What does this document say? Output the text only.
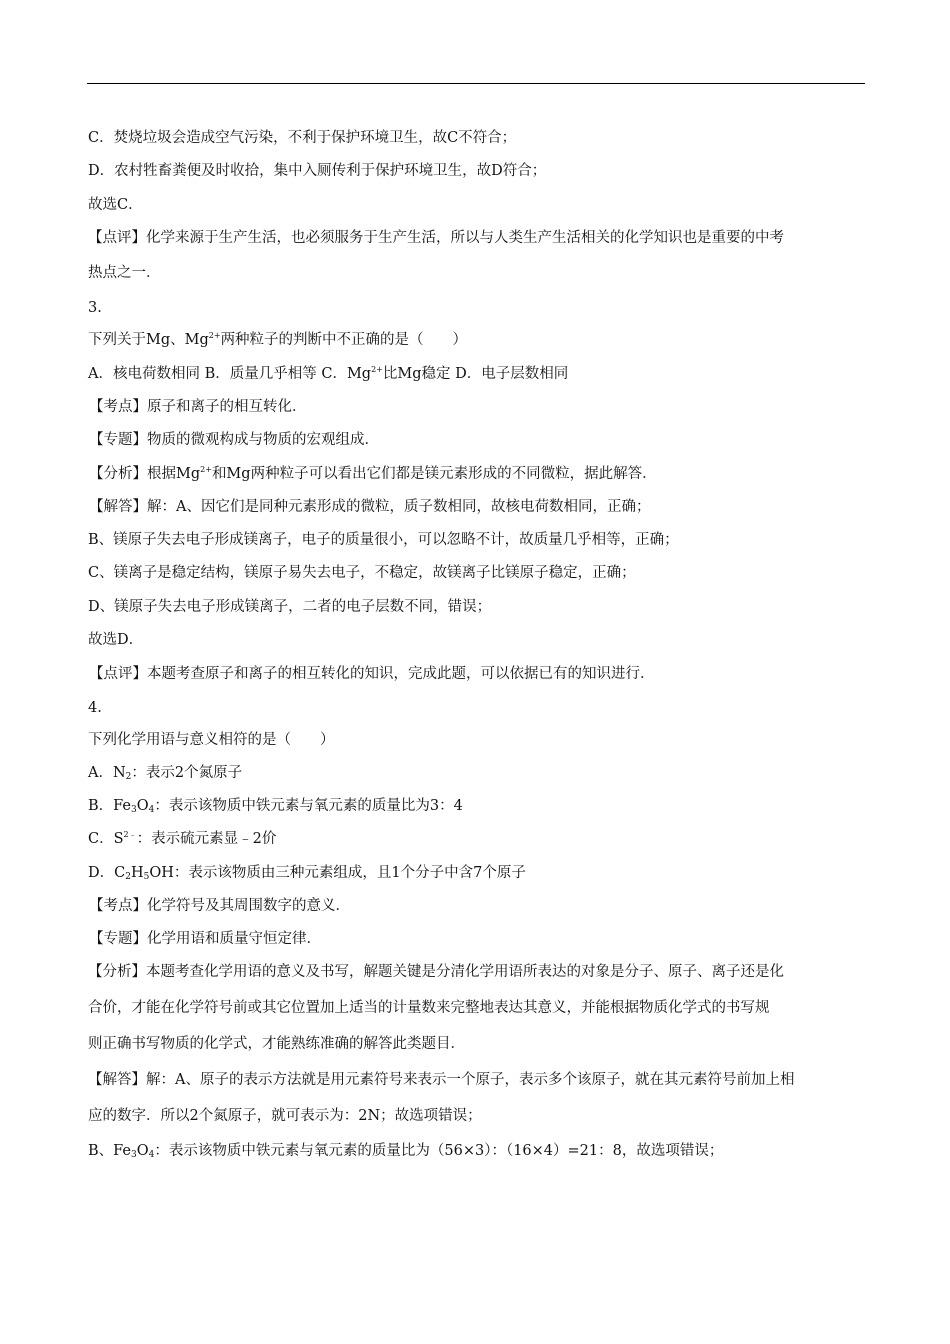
C．焚烧垃圾会造成空气污染，不利于保护环境卫生，故C不符合；
D．农村牲畜粪便及时收拾，集中入厕传利于保护环境卫生，故D符合；
故选C．
【点评】化学来源于生产生活，也必须服务于生产生活，所以与人类生产生活相关的化学知识也是重要的中考
热点之一．
3.
下列关于Mg、$Mg^{2+}$两种粒子的判断中不正确的是（　　）
A．核电荷数相同 B．质量几乎相等 C．$Mg^{2+}$比Mg稳定 D．电子层数相同
【考点】原子和离子的相互转化．
【专题】物质的微观构成与物质的宏观组成．
【分析】根据$Mg^{2+}$和Mg两种粒子可以看出它们都是镁元素形成的不同微粒，据此解答．
【解答】解：A、因它们是同种元素形成的微粒，质子数相同，故核电荷数相同，正确；
B、镁原子失去电子形成镁离子，电子的质量很小，可以忽略不计，故质量几乎相等，正确；
C、镁离子是稳定结构，镁原子易失去电子，不稳定，故镁离子比镁原子稳定，正确；
D、镁原子失去电子形成镁离子，二者的电子层数不同，错误；
故选D．
【点评】本题考查原子和离子的相互转化的知识，完成此题，可以依据已有的知识进行．
4.
下列化学用语与意义相符的是（　　）
A．$N_2$：表示2个氮原子
B．$Fe_3O_4$：表示该物质中铁元素与氧元素的质量比为3：4
C．$S^{2﹣}$：表示硫元素显﹣2价
D．$C_2H_5OH$：表示该物质由三种元素组成，且1个分子中含7个原子
【考点】化学符号及其周围数字的意义．
【专题】化学用语和质量守恒定律．
【分析】本题考查化学用语的意义及书写，解题关键是分清化学用语所表达的对象是分子、原子、离子还是化
合价，才能在化学符号前或其它位置加上适当的计量数来完整地表达其意义，并能根据物质化学式的书写规
则正确书写物质的化学式，才能熟练准确的解答此类题目．
【解答】解：A、原子的表示方法就是用元素符号来表示一个原子，表示多个该原子，就在其元素符号前加上相
应的数字．所以2个氮原子，就可表示为：2N；故选项错误；
B、$Fe_3O_4$：表示该物质中铁元素与氧元素的质量比为（56×3）：（16×4）=21：8，故选项错误；
